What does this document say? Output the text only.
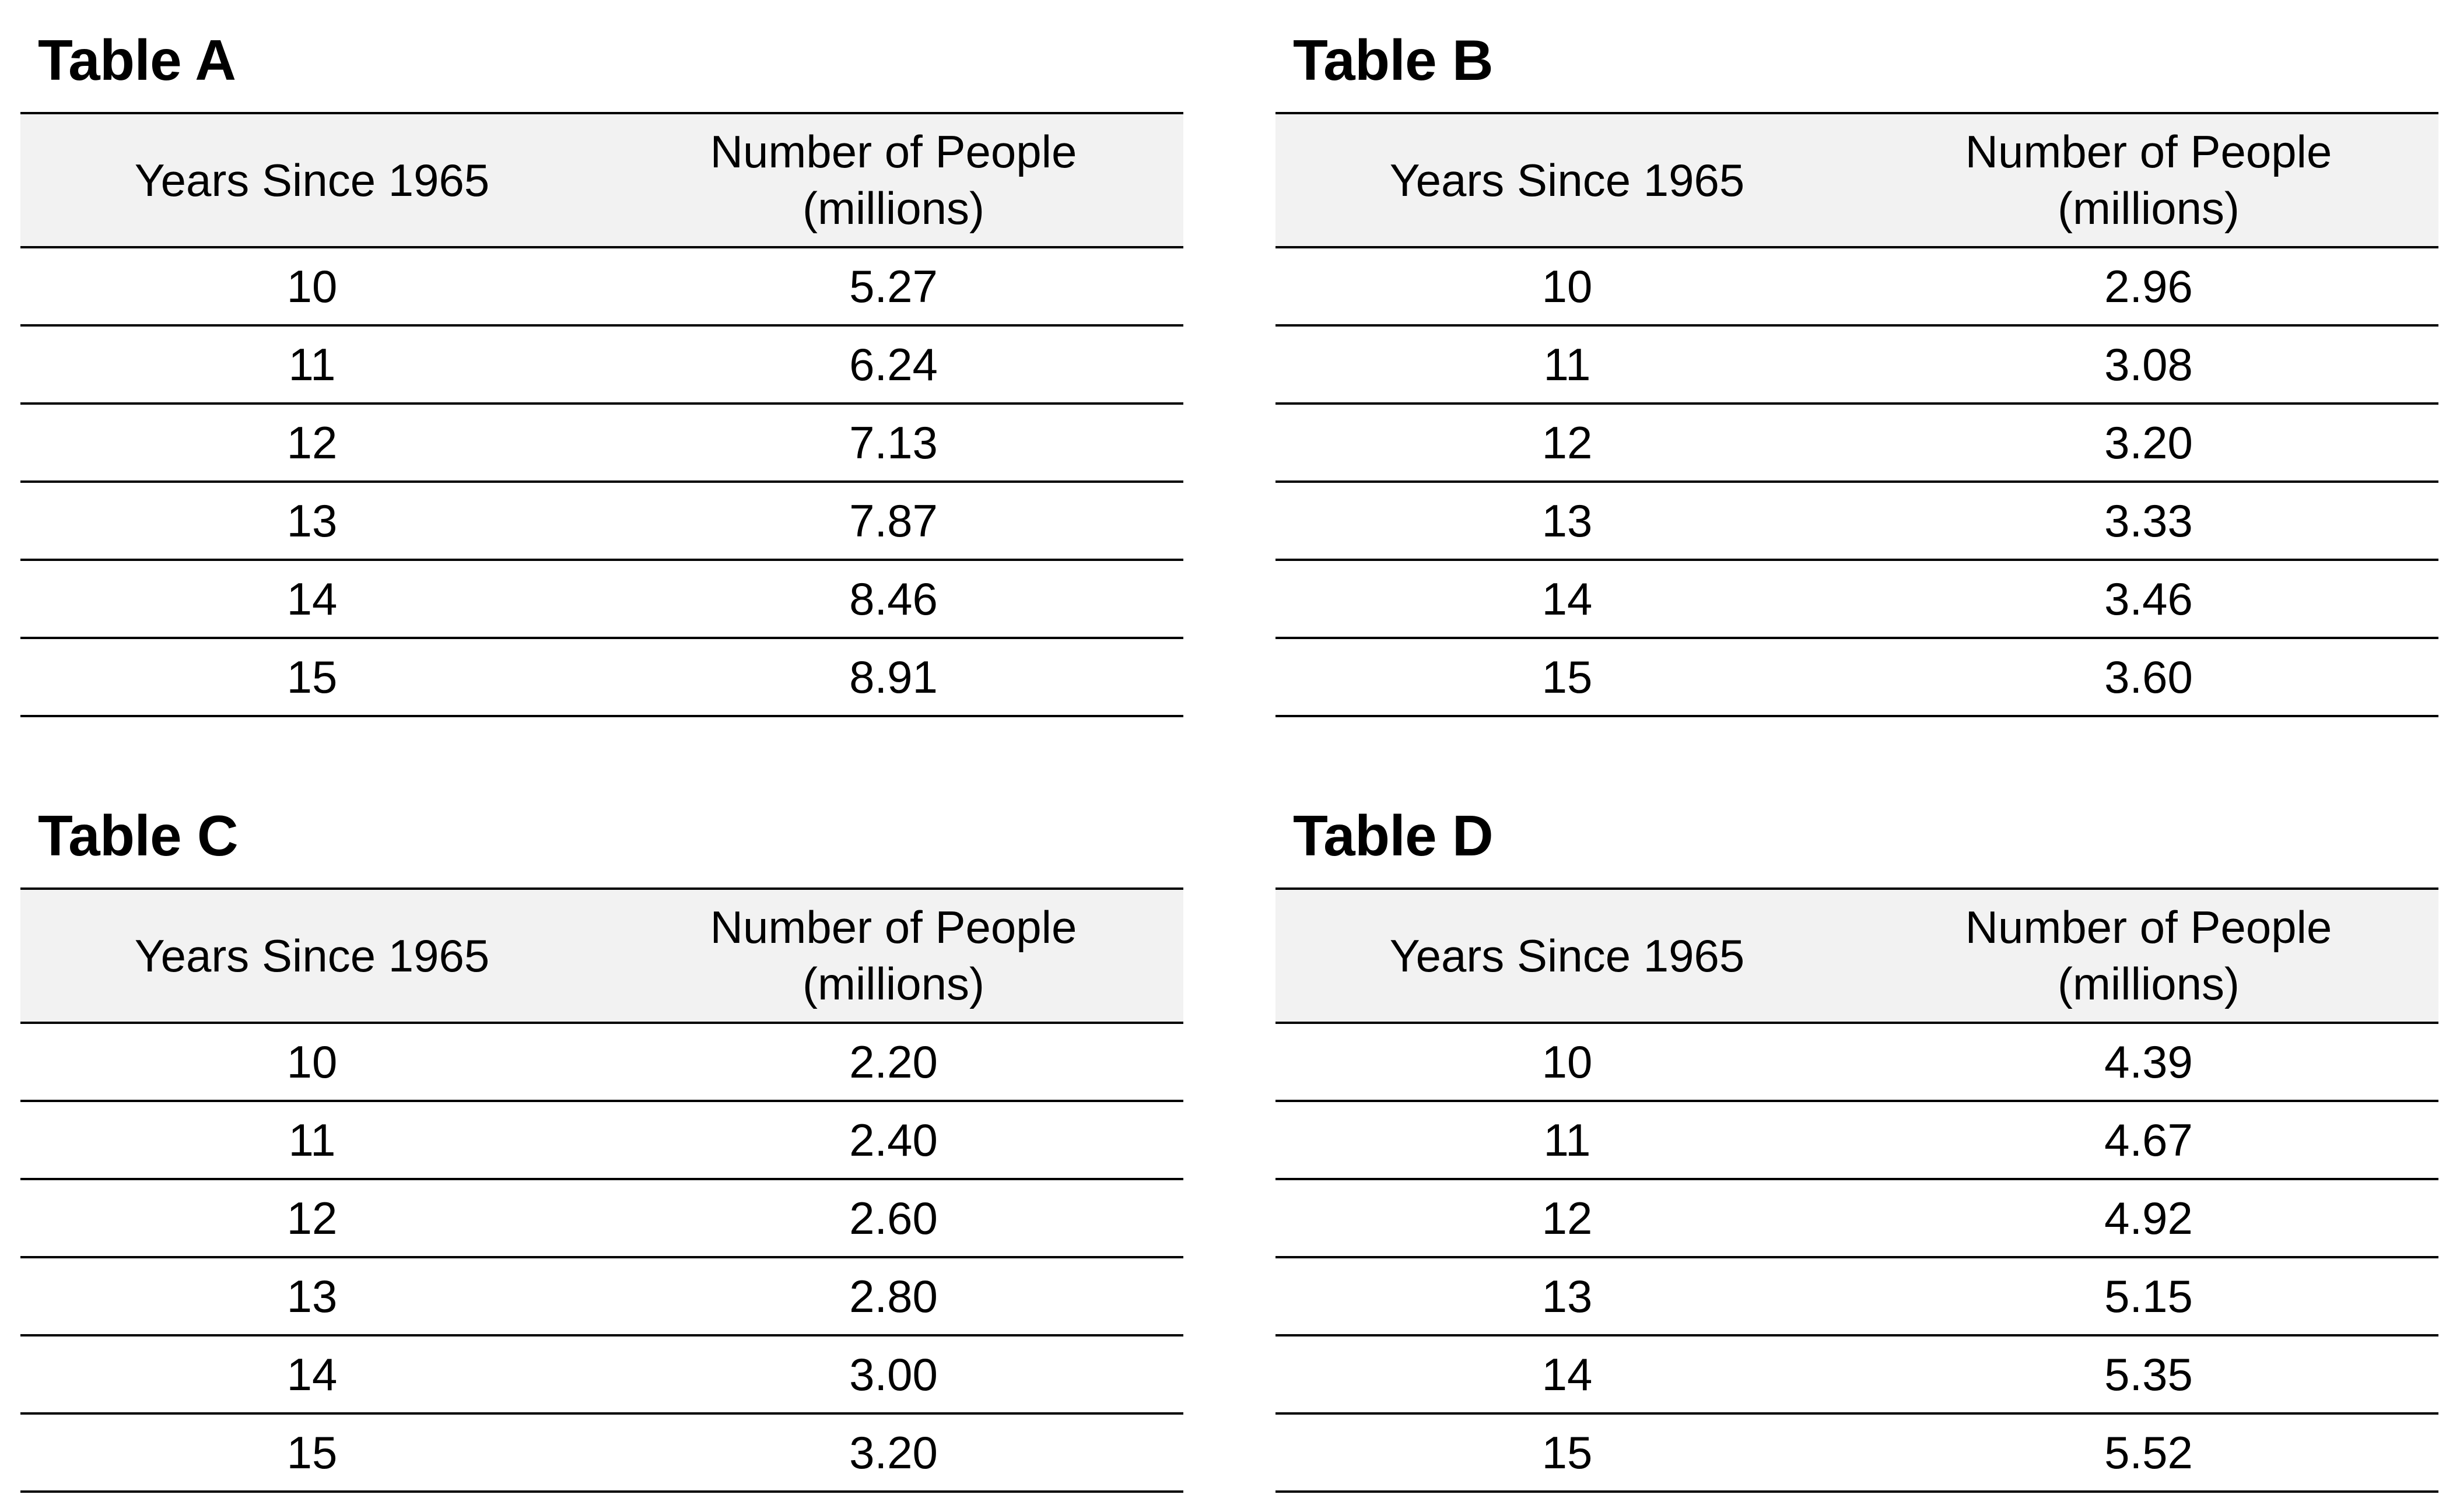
Table A
Years Since 1965	Number of People
(millions)

10	5.27
11	6.24
12	7.13
13	7.87
14	8.46
15	8.91
Table B
Years Since 1965	Number of People
(millions)

10	2.96
11	3.08
12	3.20
13	3.33
14	3.46
15	3.60
Table C
Years Since 1965	Number of People
(millions)

10	2.20
11	2.40
12	2.60
13	2.80
14	3.00
15	3.20
Table D
Years Since 1965	Number of People
(millions)

10	4.39
11	4.67
12	4.92
13	5.15
14	5.35
15	5.52
